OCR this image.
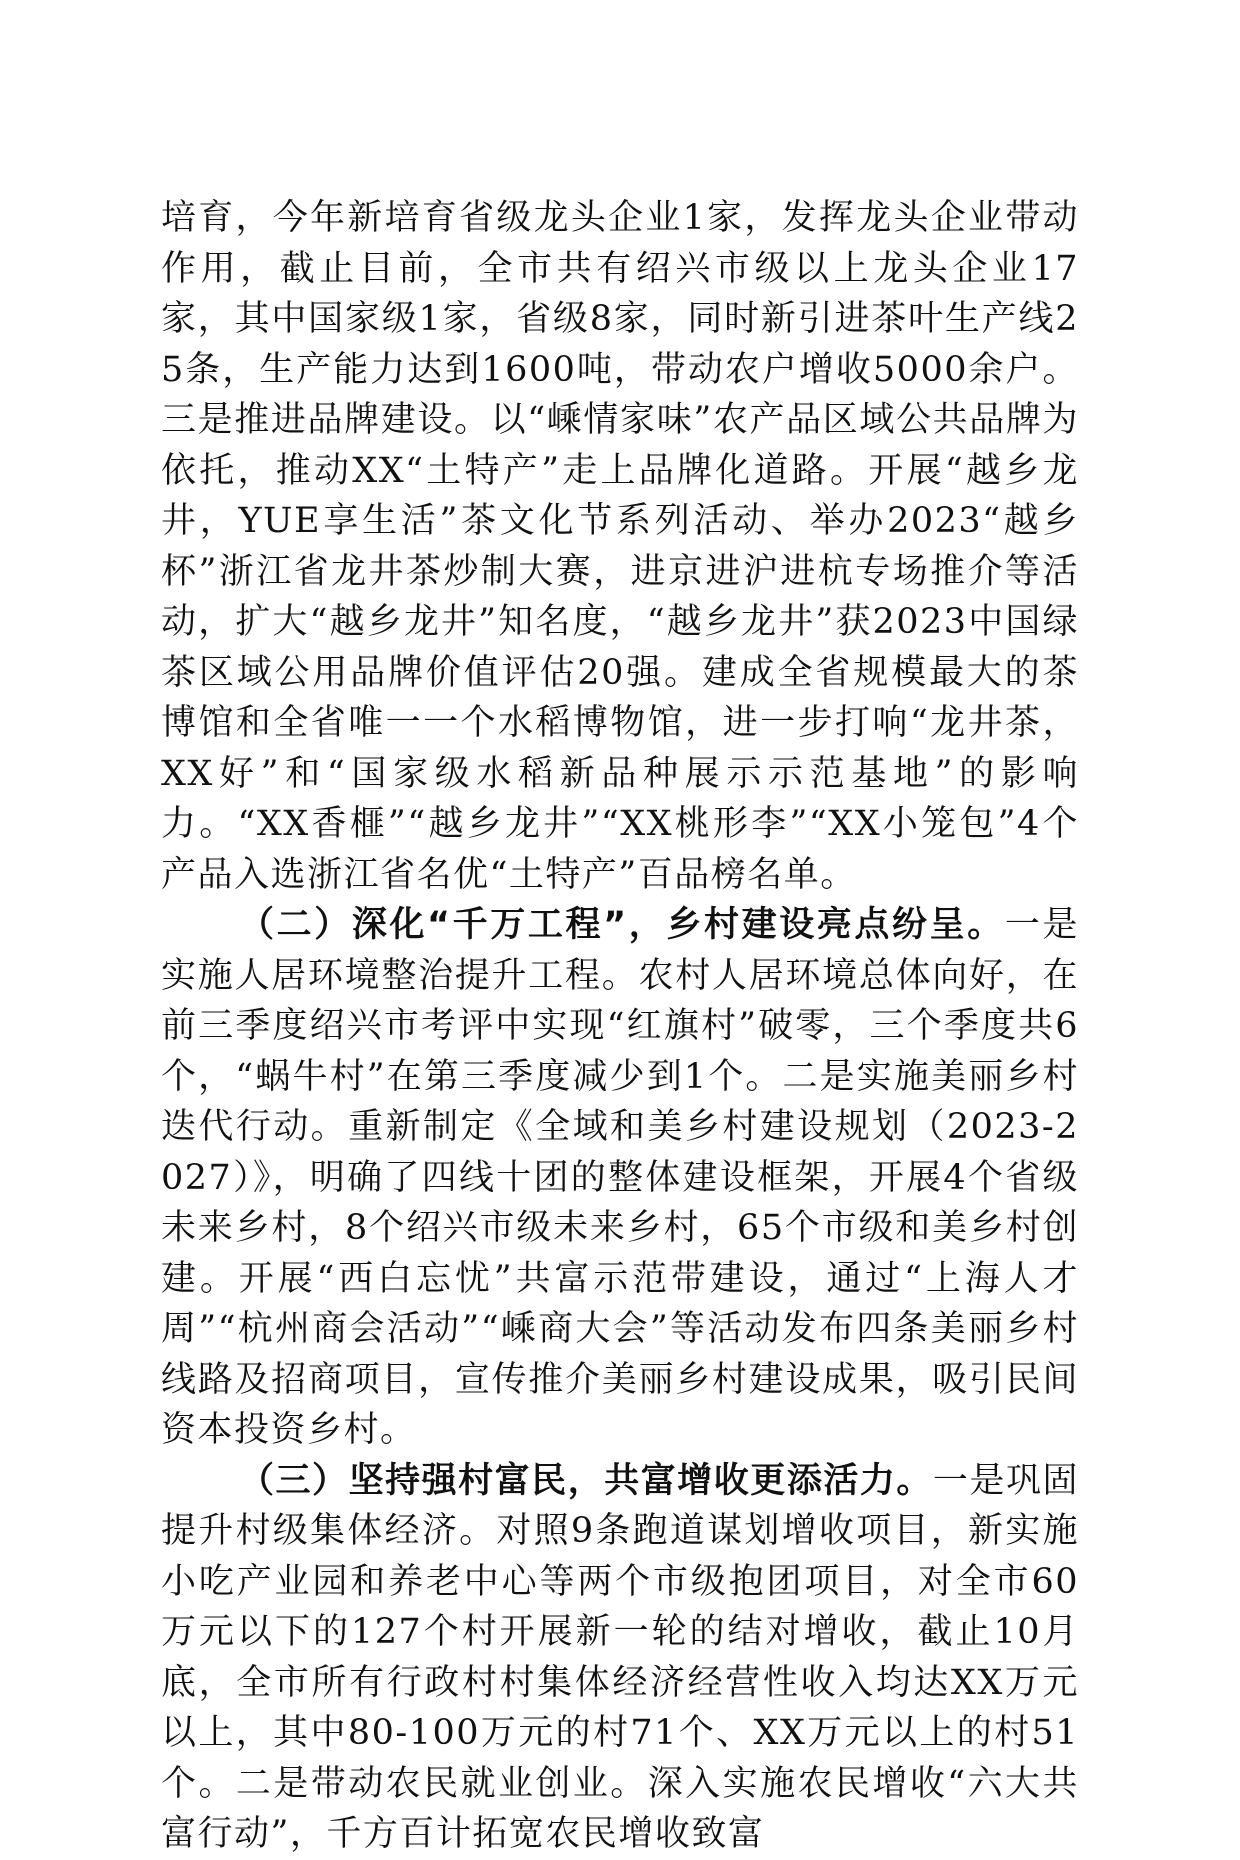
培育，今年新培育省级龙头企业1家，发挥龙头企业带动作用，截止目前，全市共有绍兴市级以上龙头企业17家，其中国家级1家，省级8家，同时新引进茶叶生产线25条，生产能力达到1600吨，带动农户增收5000余户。三是推进品牌建设。以“嵊情家味”农产品区域公共品牌为依托，推动XX“土特产”走上品牌化道路。开展“越乡龙井，YUE享生活”茶文化节系列活动、举办2023“越乡杯”浙江省龙井茶炒制大赛，进京进沪进杭专场推介等活动，扩大“越乡龙井”知名度，“越乡龙井”获2023中国绿茶区域公用品牌价值评估20强。建成全省规模最大的茶博馆和全省唯一一个水稻博物馆，进一步打响“龙井茶，XX好”和“国家级水稻新品种展示示范基地”的影响力。“XX香榧”“越乡龙井”“XX桃形李”“XX小笼包”4个产品入选浙江省名优“土特产”百品榜名单。

（二）深化“千万工程”，乡村建设亮点纷呈。一是实施人居环境整治提升工程。农村人居环境总体向好，在前三季度绍兴市考评中实现“红旗村”破零，三个季度共6个，“蜗牛村”在第三季度减少到1个。二是实施美丽乡村迭代行动。重新制定《全域和美乡村建设规划（2023-2027）》，明确了四线十团的整体建设框架，开展4个省级未来乡村，8个绍兴市级未来乡村，65个市级和美乡村创建。开展“西白忘忧”共富示范带建设，通过“上海人才周”“杭州商会活动”“嵊商大会”等活动发布四条美丽乡村线路及招商项目，宣传推介美丽乡村建设成果，吸引民间资本投资乡村。

（三）坚持强村富民，共富增收更添活力。一是巩固提升村级集体经济。对照9条跑道谋划增收项目，新实施小吃产业园和养老中心等两个市级抱团项目，对全市60万元以下的127个村开展新一轮的结对增收，截止10月底，全市所有行政村村集体经济经营性收入均达XX万元以上，其中80-100万元的村71个、XX万元以上的村51个。二是带动农民就业创业。深入实施农民增收“六大共富行动”，千方百计拓宽农民增收致富
